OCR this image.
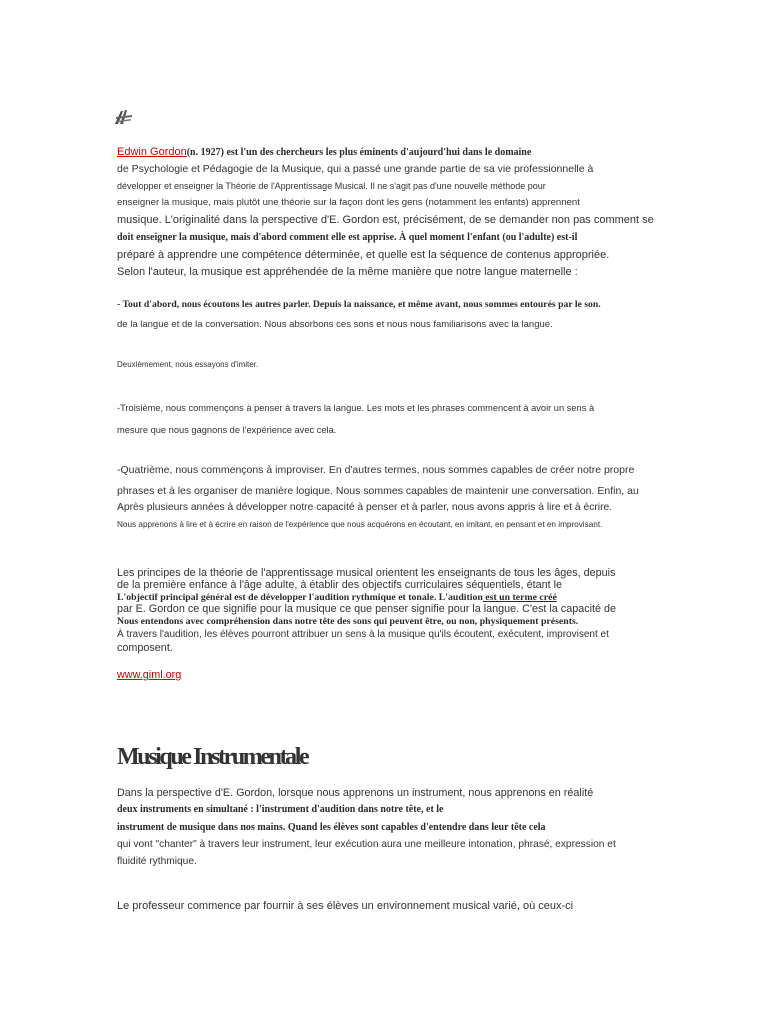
Edwin Gordon(n. 1927) est l'un des chercheurs les plus éminents d'aujourd'hui dans le domaine

de Psychologie et Pédagogie de la Musique, qui a passé une grande partie de sa vie professionnelle à

développer et enseigner la Théorie de l'Apprentissage Musical. Il ne s'agit pas d'une nouvelle méthode pour

enseigner la musique, mais plutôt une théorie sur la façon dont les gens (notamment les enfants) apprennent

musique. L'originalité dans la perspective d'E. Gordon est, précisément, de se demander non pas comment se

doit enseigner la musique, mais d'abord comment elle est apprise. À quel moment l'enfant (ou l'adulte) est-il

préparé à apprendre une compétence déterminée, et quelle est la séquence de contenus appropriée.

Selon l'auteur, la musique est appréhendée de la même manière que notre langue maternelle :

- Tout d'abord, nous écoutons les autres parler. Depuis la naissance, et même avant, nous sommes entourés par le son.

de la langue et de la conversation. Nous absorbons ces sons et nous nous familiarisons avec la langue.

Deuxièmement, nous essayons d'imiter.

-Troisième, nous commençons à penser à travers la langue. Les mots et les phrases commencent à avoir un sens à

mesure que nous gagnons de l'expérience avec cela.

-Quatrième, nous commençons à improviser. En d'autres termes, nous sommes capables de créer notre propre

phrases et à les organiser de manière logique. Nous sommes capables de maintenir une conversation. Enfin, au

Après plusieurs années à développer notre capacité à penser et à parler, nous avons appris à lire et à écrire.

Nous apprenons à lire et à écrire en raison de l'expérience que nous acquérons en écoutant, en imitant, en pensant et en improvisant.

Les principes de la théorie de l'apprentissage musical orientent les enseignants de tous les âges, depuis

de la première enfance à l'âge adulte, à établir des objectifs curriculaires séquentiels, étant le

L'objectif principal général est de développer l'audition rythmique et tonale. L'audition est un terme créé

par E. Gordon ce que signifie pour la musique ce que penser signifie pour la langue. C'est la capacité de

Nous entendons avec compréhension dans notre tête des sons qui peuvent être, ou non, physiquement présents.

À travers l'audition, les élèves pourront attribuer un sens à la musique qu'ils écoutent, exécutent, improvisent et

composent.

www.giml.org
Musique Instrumentale

Dans la perspective d'E. Gordon, lorsque nous apprenons un instrument, nous apprenons en réalité

deux instruments en simultané : l'instrument d'audition dans notre tête, et le

instrument de musique dans nos mains. Quand les élèves sont capables d'entendre dans leur tête cela

qui vont "chanter" à travers leur instrument, leur exécution aura une meilleure intonation, phrasé, expression et

fluidité rythmique.

Le professeur commence par fournir à ses élèves un environnement musical varié, où ceux-ci
